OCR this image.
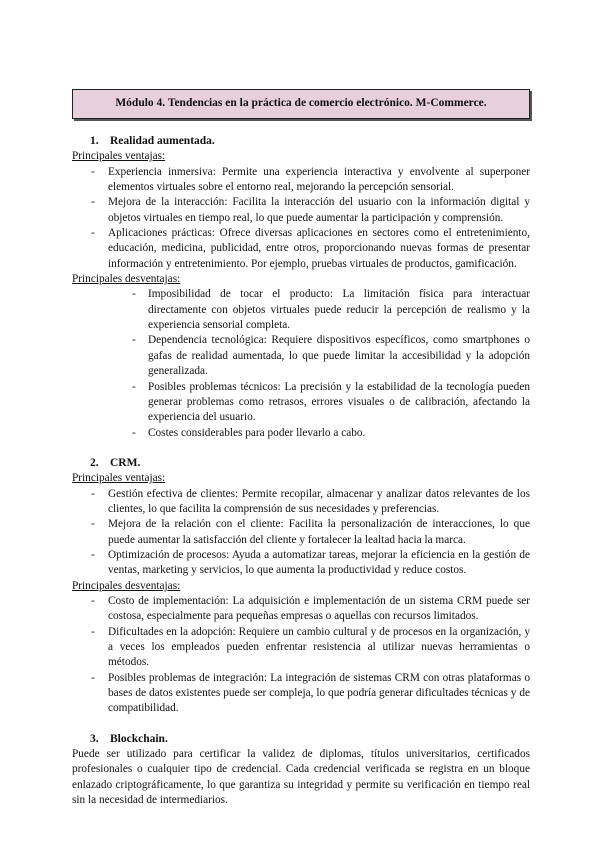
Módulo 4. Tendencias en la práctica de comercio electrónico. M-Commerce.
1. Realidad aumentada.
Principales ventajas:
- Experiencia inmersiva: Permite una experiencia interactiva y envolvente al superponer elementos virtuales sobre el entorno real, mejorando la percepción sensorial.
- Mejora de la interacción: Facilita la interacción del usuario con la información digital y objetos virtuales en tiempo real, lo que puede aumentar la participación y comprensión.
- Aplicaciones prácticas: Ofrece diversas aplicaciones en sectores como el entretenimiento, educación, medicina, publicidad, entre otros, proporcionando nuevas formas de presentar información y entretenimiento. Por ejemplo, pruebas virtuales de productos, gamificación.
Principales desventajas:
- Imposibilidad de tocar el producto: La limitación física para interactuar directamente con objetos virtuales puede reducir la percepción de realismo y la experiencia sensorial completa.
- Dependencia tecnológica: Requiere dispositivos específicos, como smartphones o gafas de realidad aumentada, lo que puede limitar la accesibilidad y la adopción generalizada.
- Posibles problemas técnicos: La precisión y la estabilidad de la tecnología pueden generar problemas como retrasos, errores visuales o de calibración, afectando la experiencia del usuario.
- Costes considerables para poder llevarlo a cabo.
2. CRM.
Principales ventajas:
- Gestión efectiva de clientes: Permite recopilar, almacenar y analizar datos relevantes de los clientes, lo que facilita la comprensión de sus necesidades y preferencias.
- Mejora de la relación con el cliente: Facilita la personalización de interacciones, lo que puede aumentar la satisfacción del cliente y fortalecer la lealtad hacia la marca.
- Optimización de procesos: Ayuda a automatizar tareas, mejorar la eficiencia en la gestión de ventas, marketing y servicios, lo que aumenta la productividad y reduce costos.
Principales desventajas:
- Costo de implementación: La adquisición e implementación de un sistema CRM puede ser costosa, especialmente para pequeñas empresas o aquellas con recursos limitados.
- Dificultades en la adopción: Requiere un cambio cultural y de procesos en la organización, y a veces los empleados pueden enfrentar resistencia al utilizar nuevas herramientas o métodos.
- Posibles problemas de integración: La integración de sistemas CRM con otras plataformas o bases de datos existentes puede ser compleja, lo que podría generar dificultades técnicas y de compatibilidad.
3. Blockchain.

Puede ser utilizado para certificar la validez de diplomas, títulos universitarios, certificados profesionales o cualquier tipo de credencial. Cada credencial verificada se registra en un bloque enlazado criptográficamente, lo que garantiza su integridad y permite su verificación en tiempo real sin la necesidad de intermediarios.
